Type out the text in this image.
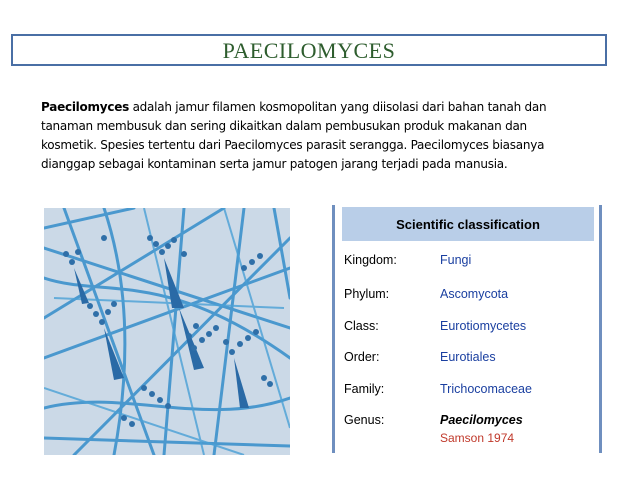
PAECILOMYCES
Paecilomyces adalah jamur filamen kosmopolitan yang diisolasi dari bahan tanah dan
tanaman membusuk dan sering dikaitkan dalam pembusukan produk makanan dan
kosmetik. Spesies tertentu dari Paecilomyces parasit serangga. Paecilomyces biasanya
dianggap sebagai kontaminan serta jamur patogen jarang terjadi pada manusia.
Scientific classification
Kingdom:	Fungi
Phylum:	Ascomycota
Class:	Eurotiomycetes
Order:	Eurotiales
Family:	Trichocomaceae
Genus:	Paecilomyces
Samson 1974
